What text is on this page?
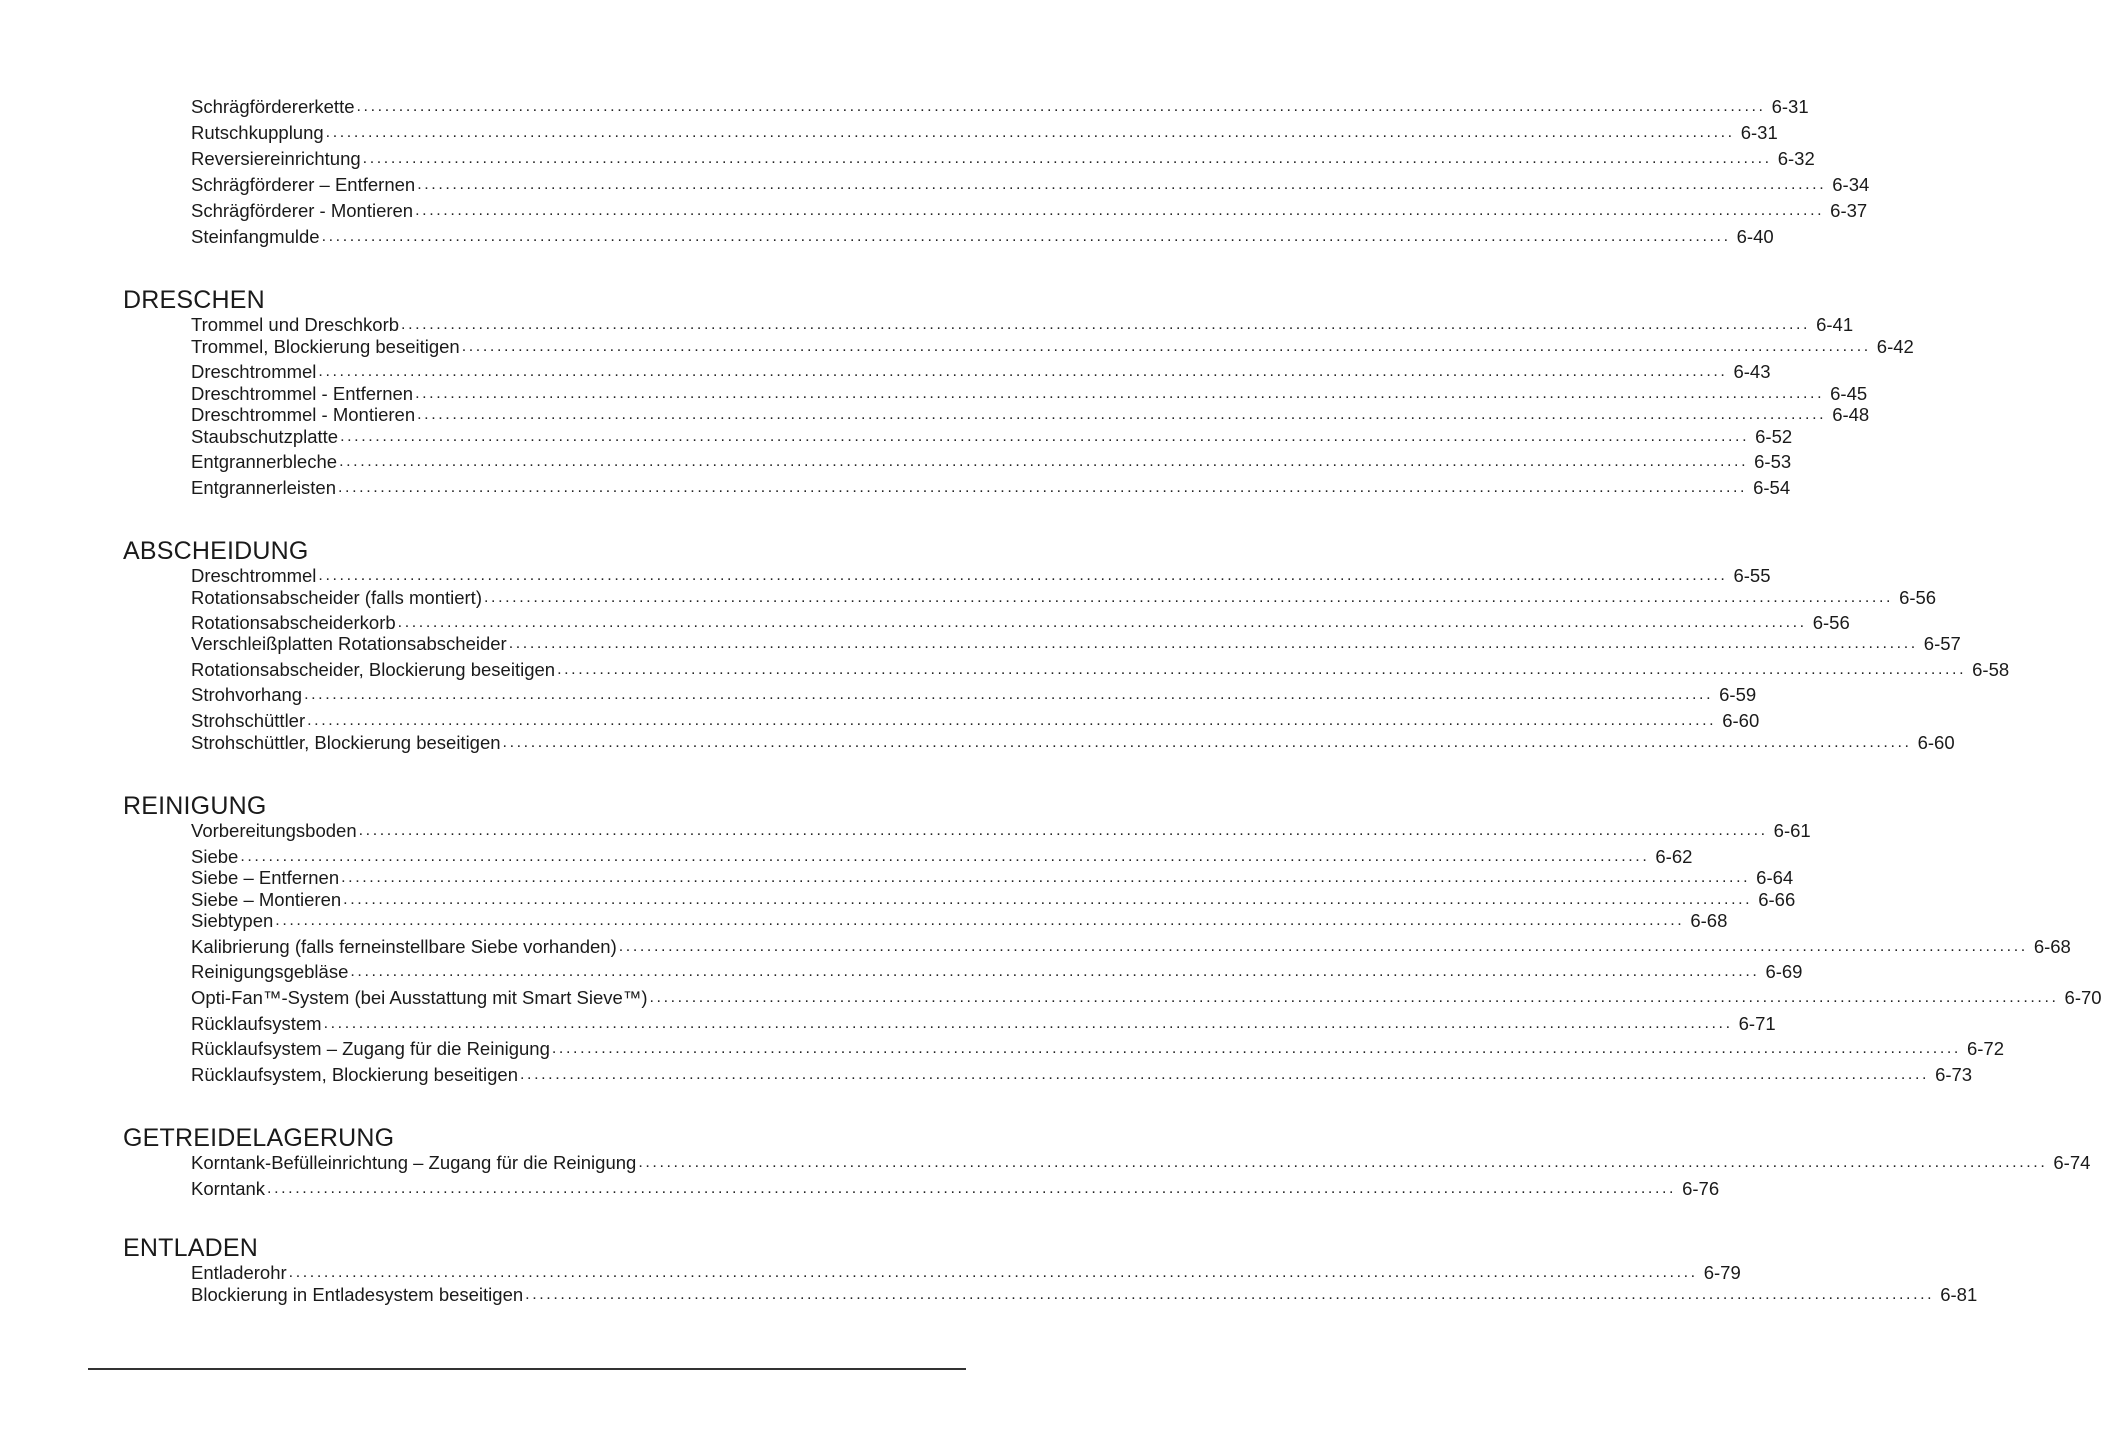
Schrägfördererkette ........................................................................................................................................................................................................ 6-31
Rutschkupplung ........................................................................................................................................................................................................ 6-31
Reversiereinrichtung ........................................................................................................................................................................................................ 6-32
Schrägförderer – Entfernen ........................................................................................................................................................................................................ 6-34
Schrägförderer - Montieren ........................................................................................................................................................................................................ 6-37
Steinfangmulde ........................................................................................................................................................................................................ 6-40
DRESCHEN
Trommel und Dreschkorb ........................................................................................................................................................................................................ 6-41
Trommel, Blockierung beseitigen ........................................................................................................................................................................................................ 6-42
Dreschtrommel ........................................................................................................................................................................................................ 6-43
Dreschtrommel - Entfernen ........................................................................................................................................................................................................ 6-45
Dreschtrommel - Montieren ........................................................................................................................................................................................................ 6-48
Staubschutzplatte ........................................................................................................................................................................................................ 6-52
Entgrannerbleche ........................................................................................................................................................................................................ 6-53
Entgrannerleisten ........................................................................................................................................................................................................ 6-54
ABSCHEIDUNG
Dreschtrommel ........................................................................................................................................................................................................ 6-55
Rotationsabscheider (falls montiert) ........................................................................................................................................................................................................ 6-56
Rotationsabscheiderkorb ........................................................................................................................................................................................................ 6-56
Verschleißplatten Rotationsabscheider ........................................................................................................................................................................................................ 6-57
Rotationsabscheider, Blockierung beseitigen ........................................................................................................................................................................................................ 6-58
Strohvorhang ........................................................................................................................................................................................................ 6-59
Strohschüttler ........................................................................................................................................................................................................ 6-60
Strohschüttler, Blockierung beseitigen ........................................................................................................................................................................................................ 6-60
REINIGUNG
Vorbereitungsboden ........................................................................................................................................................................................................ 6-61
Siebe ........................................................................................................................................................................................................ 6-62
Siebe – Entfernen ........................................................................................................................................................................................................ 6-64
Siebe – Montieren ........................................................................................................................................................................................................ 6-66
Siebtypen ........................................................................................................................................................................................................ 6-68
Kalibrierung (falls ferneinstellbare Siebe vorhanden) ........................................................................................................................................................................................................ 6-68
Reinigungsgebläse ........................................................................................................................................................................................................ 6-69
Opti-Fan™-System (bei Ausstattung mit Smart Sieve™) ........................................................................................................................................................................................................ 6-70
Rücklaufsystem ........................................................................................................................................................................................................ 6-71
Rücklaufsystem – Zugang für die Reinigung ........................................................................................................................................................................................................ 6-72
Rücklaufsystem, Blockierung beseitigen ........................................................................................................................................................................................................ 6-73
GETREIDELAGERUNG
Korntank-Befülleinrichtung – Zugang für die Reinigung ........................................................................................................................................................................................................ 6-74
Korntank ........................................................................................................................................................................................................ 6-76
ENTLADEN
Entladerohr ........................................................................................................................................................................................................ 6-79
Blockierung in Entladesystem beseitigen ........................................................................................................................................................................................................ 6-81
